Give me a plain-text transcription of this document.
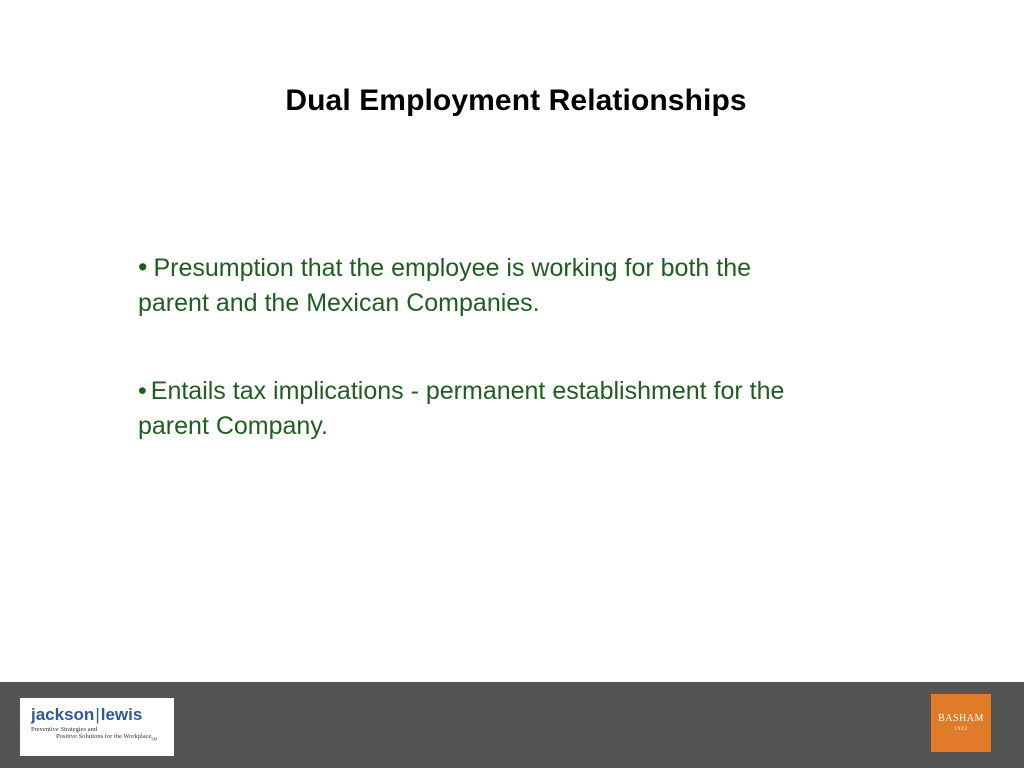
Dual Employment Relationships
• Presumption that the employee is working for both the parent and the Mexican Companies.
• Entails tax implications - permanent establishment for the parent Company.
jackson|lewis
Preventive Strategies and
Positive Solutions for the Workplace$_{SM}$
BASHAM
1912
